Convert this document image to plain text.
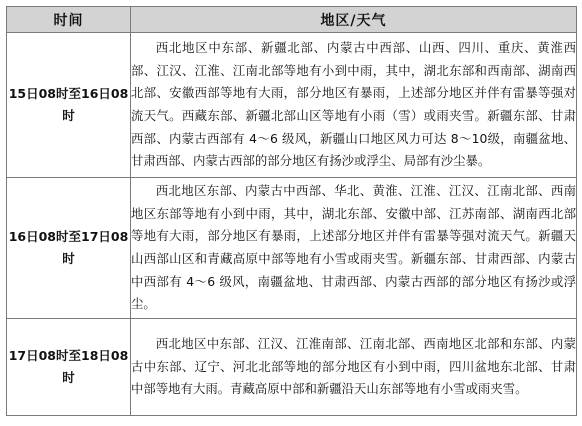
时间	地区/天气
15日08时至16日08时	西北地区中东部、新疆北部、内蒙古中西部、山西、四川、重庆、黄淮西部、江汉、江淮、江南北部等地有小到中雨，其中，湖北东部和西南部、湖南西北部、安徽西部等地有大雨，部分地区有暴雨，上述部分地区并伴有雷暴等强对流天气。西藏东部、新疆北部山区等地有小雨（雪）或雨夹雪。新疆东部、甘肃西部、内蒙古西部有 4～6 级风，新疆山口地区风力可达 8～10级，南疆盆地、甘肃西部、内蒙古西部的部分地区有扬沙或浮尘、局部有沙尘暴。
16日08时至17日08时	西北地区东部、内蒙古中西部、华北、黄淮、江淮、江汉、江南北部、西南地区东部等地有小到中雨，其中，湖北东部、安徽中部、江苏南部、湖南西北部等地有大雨，部分地区有暴雨，上述部分地区并伴有雷暴等强对流天气。新疆天山西部山区和青藏高原中部等地有小雪或雨夹雪。新疆东部、甘肃西部、内蒙古中西部有 4～6 级风，南疆盆地、甘肃西部、内蒙古西部的部分地区有扬沙或浮尘。
17日08时至18日08时	西北地区中东部、江汉、江淮南部、江南北部、西南地区北部和东部、内蒙古中东部、辽宁、河北北部等地的部分地区有小到中雨，四川盆地东北部、甘肃中部等地有大雨。青藏高原中部和新疆沿天山东部等地有小雪或雨夹雪。
